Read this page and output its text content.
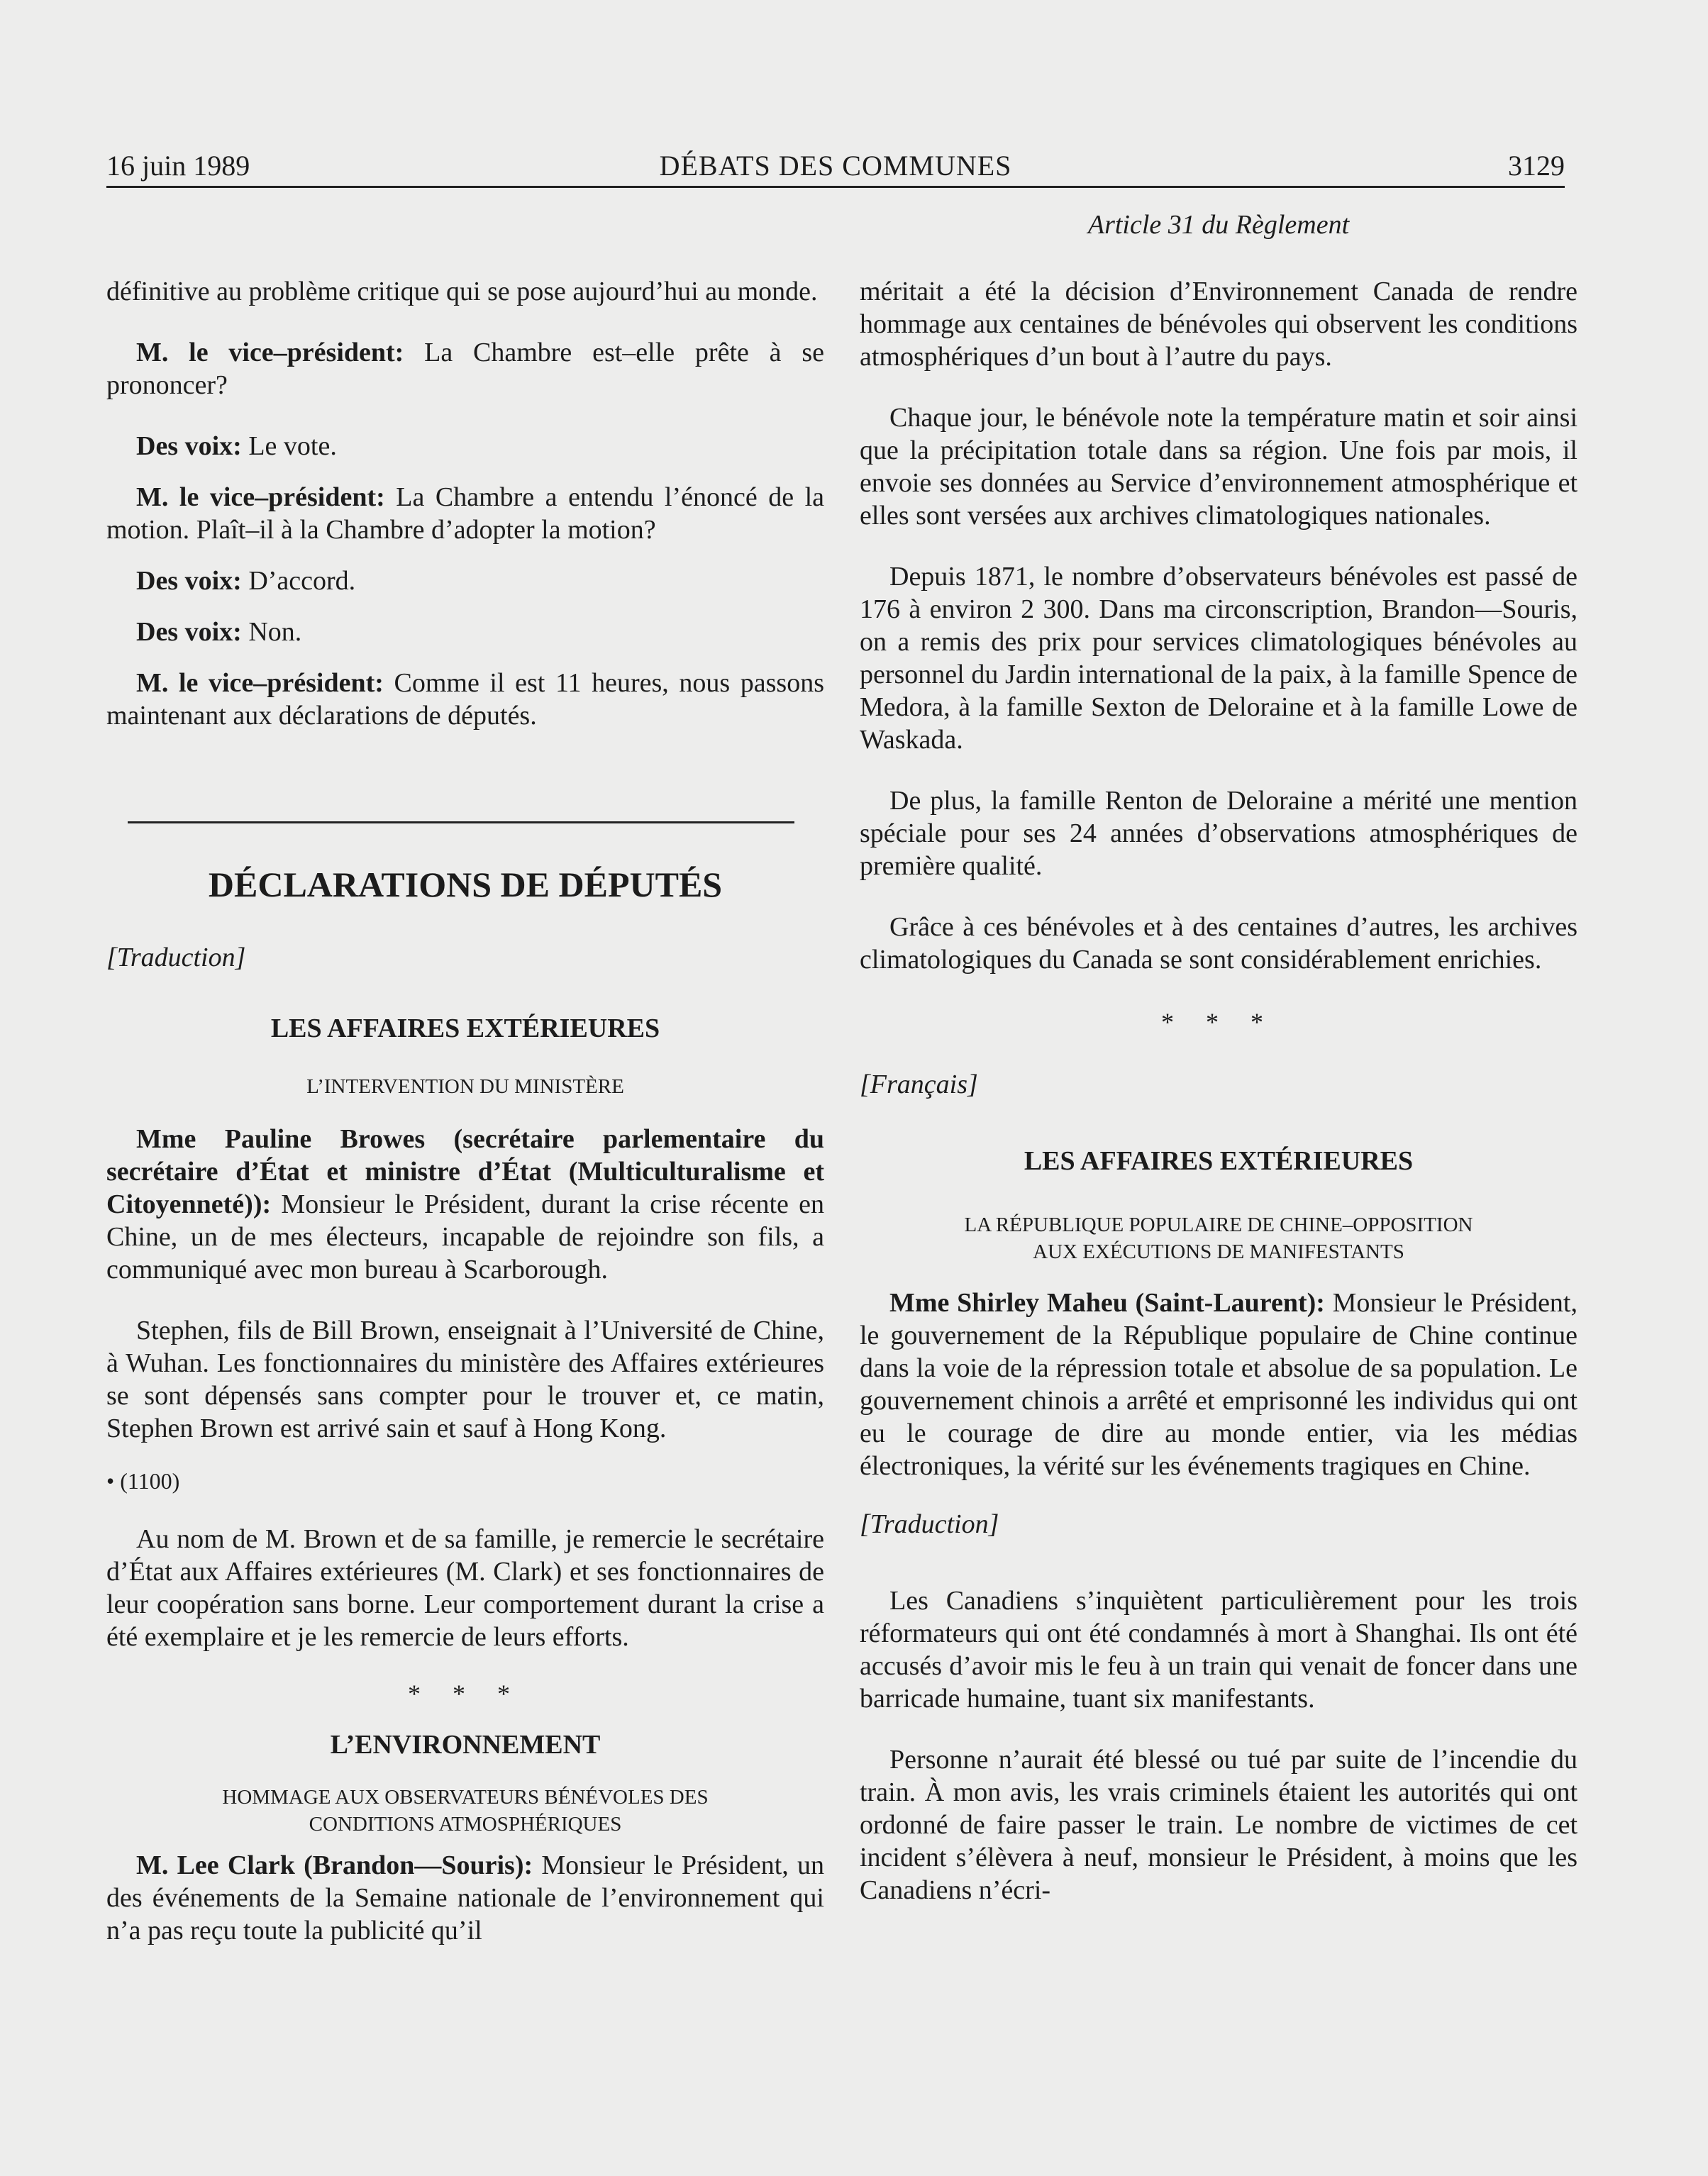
16 juin 1989	DÉBATS DES COMMUNES	3129

définitive au problème critique qui se pose aujourd’hui au monde.

M. le vice–président: La Chambre est–elle prête à se prononcer?

Des voix: Le vote.

M. le vice–président: La Chambre a entendu l’énoncé de la motion. Plaît–il à la Chambre d’adopter la motion?

Des voix: D’accord.

Des voix: Non.

M. le vice–président: Comme il est 11 heures, nous passons maintenant aux déclarations de députés.

DÉCLARATIONS DE DÉPUTÉS

[Traduction]

LES AFFAIRES EXTÉRIEURES
L’INTERVENTION DU MINISTÈRE

Mme Pauline Browes (secrétaire parlementaire du secrétaire d’État et ministre d’État (Multiculturalisme et Citoyenneté)): Monsieur le Président, durant la crise récente en Chine, un de mes électeurs, incapable de rejoindre son fils, a communiqué avec mon bureau à Scarborough.

Stephen, fils de Bill Brown, enseignait à l’Université de Chine, à Wuhan. Les fonctionnaires du ministère des Affaires extérieures se sont dépensés sans compter pour le trouver et, ce matin, Stephen Brown est arrivé sain et sauf à Hong Kong.

• (1100)

Au nom de M. Brown et de sa famille, je remercie le secrétaire d’État aux Affaires extérieures (M. Clark) et ses fonctionnaires de leur coopération sans borne. Leur comportement durant la crise a été exemplaire et je les remercie de leurs efforts.

* * *
L’ENVIRONNEMENT
HOMMAGE AUX OBSERVATEURS BÉNÉVOLES DES
CONDITIONS ATMOSPHÉRIQUES

M. Lee Clark (Brandon—Souris): Monsieur le Président, un des événements de la Semaine nationale de l’environnement qui n’a pas reçu toute la publicité qu’il

Article 31 du Règlement

méritait a été la décision d’Environnement Canada de rendre hommage aux centaines de bénévoles qui observent les conditions atmosphériques d’un bout à l’autre du pays.

Chaque jour, le bénévole note la température matin et soir ainsi que la précipitation totale dans sa région. Une fois par mois, il envoie ses données au Service d’environnement atmosphérique et elles sont versées aux archives climatologiques nationales.

Depuis 1871, le nombre d’observateurs bénévoles est passé de 176 à environ 2 300. Dans ma circonscription, Brandon—Souris, on a remis des prix pour services climatologiques bénévoles au personnel du Jardin international de la paix, à la famille Spence de Medora, à la famille Sexton de Deloraine et à la famille Lowe de Waskada.

De plus, la famille Renton de Deloraine a mérité une mention spéciale pour ses 24 années d’observations atmosphériques de première qualité.

Grâce à ces bénévoles et à des centaines d’autres, les archives climatologiques du Canada se sont considérablement enrichies.

* * *

[Français]

LES AFFAIRES EXTÉRIEURES
LA RÉPUBLIQUE POPULAIRE DE CHINE–OPPOSITION
AUX EXÉCUTIONS DE MANIFESTANTS

Mme Shirley Maheu (Saint-Laurent): Monsieur le Président, le gouvernement de la République populaire de Chine continue dans la voie de la répression totale et absolue de sa population. Le gouvernement chinois a arrêté et emprisonné les individus qui ont eu le courage de dire au monde entier, via les médias électroniques, la vérité sur les événements tragiques en Chine.

[Traduction]

Les Canadiens s’inquiètent particulièrement pour les trois réformateurs qui ont été condamnés à mort à Shanghai. Ils ont été accusés d’avoir mis le feu à un train qui venait de foncer dans une barricade humaine, tuant six manifestants.

Personne n’aurait été blessé ou tué par suite de l’incendie du train. À mon avis, les vrais criminels étaient les autorités qui ont ordonné de faire passer le train. Le nombre de victimes de cet incident s’élèvera à neuf, monsieur le Président, à moins que les Canadiens n’écri-
